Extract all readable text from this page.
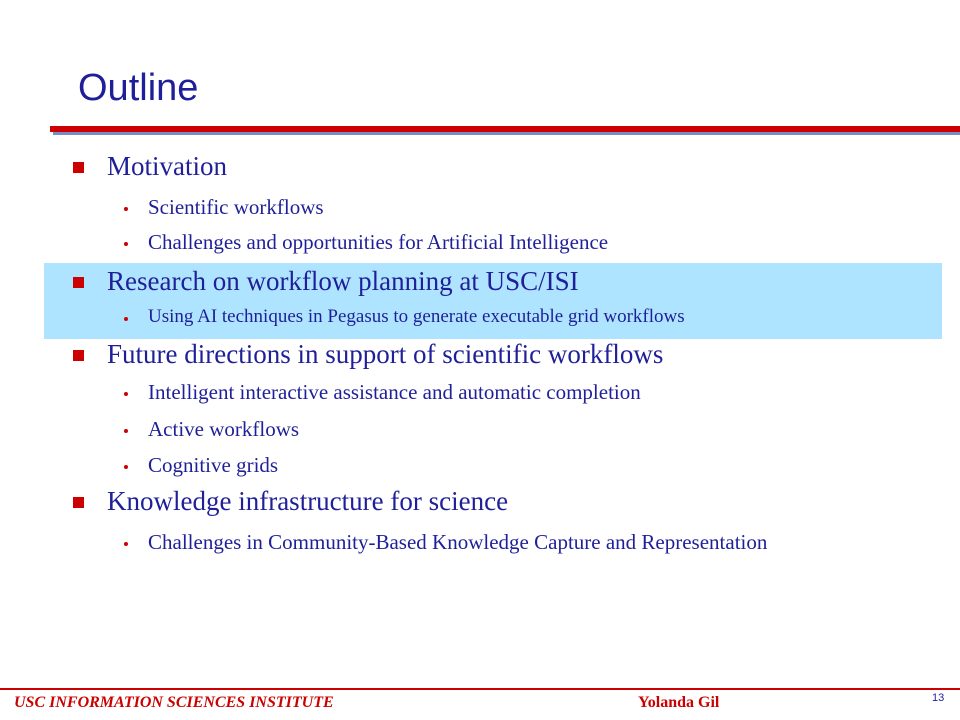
Outline
Motivation
Scientific workflows
Challenges and opportunities for Artificial Intelligence
Research on workflow planning at USC/ISI
Using AI techniques in Pegasus to generate executable grid workflows
Future directions in support of scientific workflows
Intelligent interactive assistance and automatic completion
Active workflows
Cognitive grids
Knowledge infrastructure for science
Challenges in Community-Based Knowledge Capture and Representation
USC INFORMATION SCIENCES INSTITUTE	Yolanda Gil	13
